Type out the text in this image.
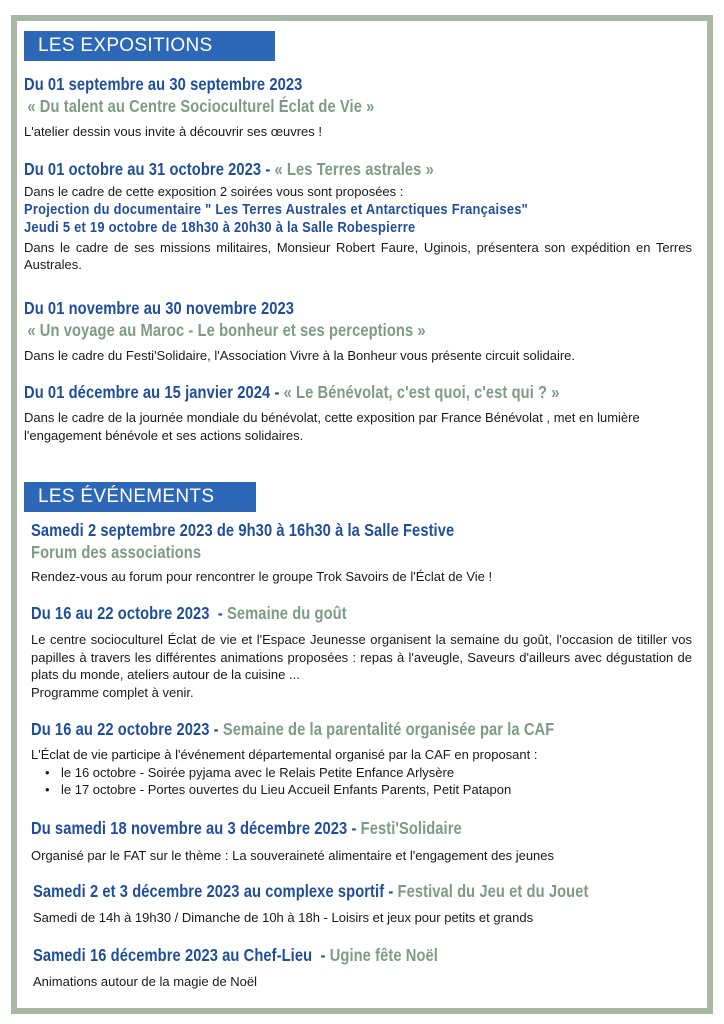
LES EXPOSITIONS
Du 01 septembre au 30 septembre 2023
« Du talent au Centre Socioculturel Éclat de Vie »
L'atelier dessin vous invite à découvrir ses œuvres !
Du 01 octobre au 31 octobre 2023 - « Les Terres astrales »
Dans le cadre de cette exposition 2 soirées vous sont proposées :
Projection du documentaire " Les Terres Australes et Antarctiques Françaises"
Jeudi 5 et 19 octobre de 18h30 à 20h30 à la Salle Robespierre
Dans le cadre de ses missions militaires, Monsieur Robert Faure, Uginois, présentera son expédition en Terres Australes.
Du 01 novembre au 30 novembre 2023
« Un voyage au Maroc - Le bonheur et ses perceptions »
Dans le cadre du Festi'Solidaire, l'Association Vivre à la Bonheur vous présente circuit solidaire.
Du 01 décembre au 15 janvier 2024 - « Le Bénévolat, c'est quoi, c'est qui ? »
Dans le cadre de la journée mondiale du bénévolat, cette exposition par France Bénévolat , met en lumière l'engagement bénévole et ses actions solidaires.
LES ÉVÉNEMENTS
Samedi 2 septembre 2023 de 9h30 à 16h30 à la Salle Festive
Forum des associations
Rendez-vous au forum pour rencontrer le groupe Trok Savoirs de l'Éclat de Vie !
Du 16 au 22 octobre 2023 - Semaine du goût
Le centre socioculturel Éclat de vie et l'Espace Jeunesse organisent la semaine du goût, l'occasion de titiller vos papilles à travers les différentes animations proposées : repas à l'aveugle, Saveurs d'ailleurs avec dégustation de plats du monde, ateliers autour de la cuisine ...
Programme complet à venir.
Du 16 au 22 octobre 2023 - Semaine de la parentalité organisée par la CAF
L'Éclat de vie participe à l'événement départemental organisé par la CAF en proposant :
• le 16 octobre - Soirée pyjama avec le Relais Petite Enfance Arlysère
• le 17 octobre - Portes ouvertes du Lieu Accueil Enfants Parents, Petit Patapon
Du samedi 18 novembre au 3 décembre 2023 - Festi'Solidaire
Organisé par le FAT sur le thème : La souveraineté alimentaire et l'engagement des jeunes
Samedi 2 et 3 décembre 2023 au complexe sportif - Festival du Jeu et du Jouet
Samedi de 14h à 19h30 / Dimanche de 10h à 18h - Loisirs et jeux pour petits et grands
Samedi 16 décembre 2023 au Chef-Lieu - Ugine fête Noël
Animations autour de la magie de Noël
